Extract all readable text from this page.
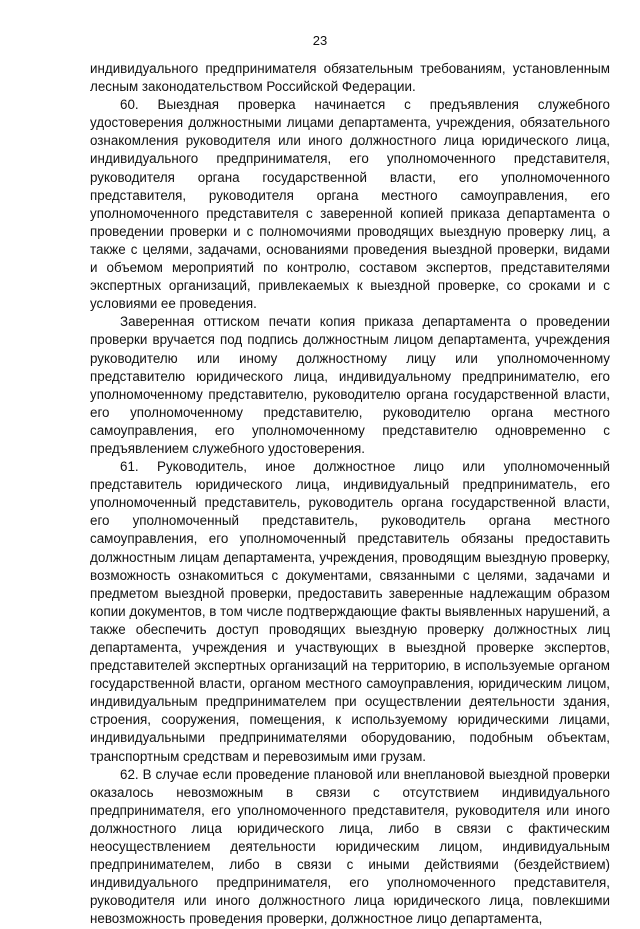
23

индивидуального предпринимателя обязательным требованиям, установленным лесным законодательством Российской Федерации.

60. Выездная проверка начинается с предъявления служебного удостоверения должностными лицами департамента, учреждения, обязательного ознакомления руководителя или иного должностного лица юридического лица, индивидуального предпринимателя, его уполномоченного представителя, руководителя органа государственной власти, его уполномоченного представителя, руководителя органа местного самоуправления, его уполномоченного представителя с заверенной копией приказа департамента о проведении проверки и с полномочиями проводящих выездную проверку лиц, а также с целями, задачами, основаниями проведения выездной проверки, видами и объемом мероприятий по контролю, составом экспертов, представителями экспертных организаций, привлекаемых к выездной проверке, со сроками и с условиями ее проведения.

Заверенная оттиском печати копия приказа департамента о проведении проверки вручается под подпись должностным лицом департамента, учреждения руководителю или иному должностному лицу или уполномоченному представителю юридического лица, индивидуальному предпринимателю, его уполномоченному представителю, руководителю органа государственной власти, его уполномоченному представителю, руководителю органа местного самоуправления, его уполномоченному представителю одновременно с предъявлением служебного удостоверения.

61. Руководитель, иное должностное лицо или уполномоченный представитель юридического лица, индивидуальный предприниматель, его уполномоченный представитель, руководитель органа государственной власти, его уполномоченный представитель, руководитель органа местного самоуправления, его уполномоченный представитель обязаны предоставить должностным лицам департамента, учреждения, проводящим выездную проверку, возможность ознакомиться с документами, связанными с целями, задачами и предметом выездной проверки, предоставить заверенные надлежащим образом копии документов, в том числе подтверждающие факты выявленных нарушений, а также обеспечить доступ проводящих выездную проверку должностных лиц департамента, учреждения и участвующих в выездной проверке экспертов, представителей экспертных организаций на территорию, в используемые органом государственной власти, органом местного самоуправления, юридическим лицом, индивидуальным предпринимателем при осуществлении деятельности здания, строения, сооружения, помещения, к используемому юридическими лицами, индивидуальными предпринимателями оборудованию, подобным объектам, транспортным средствам и перевозимым ими грузам.

62. В случае если проведение плановой или внеплановой выездной проверки оказалось невозможным в связи с отсутствием индивидуального предпринимателя, его уполномоченного представителя, руководителя или иного должностного лица юридического лица, либо в связи с фактическим неосуществлением деятельности юридическим лицом, индивидуальным предпринимателем, либо в связи с иными действиями (бездействием) индивидуального предпринимателя, его уполномоченного представителя, руководителя или иного должностного лица юридического лица, повлекшими невозможность проведения проверки, должностное лицо департамента,
